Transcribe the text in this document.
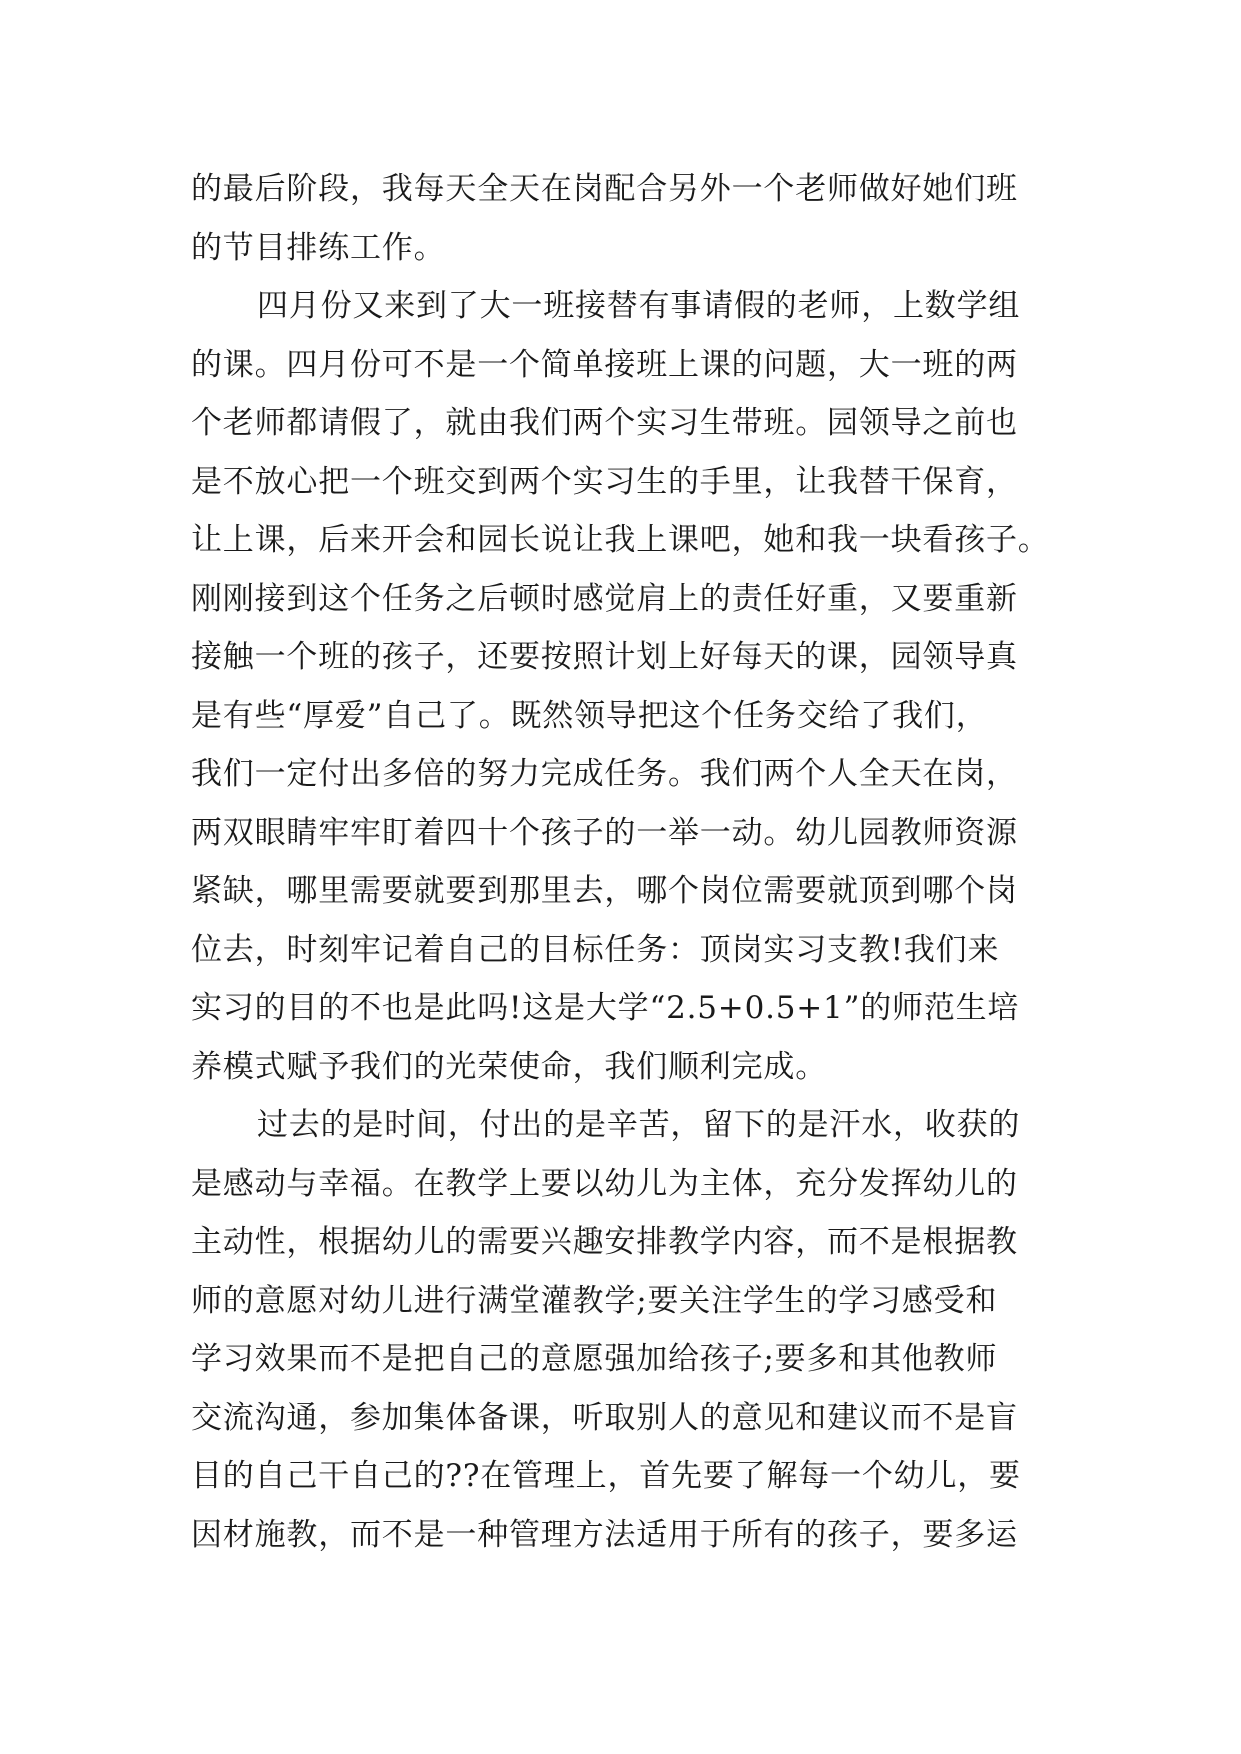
的最后阶段，我每天全天在岗配合另外一个老师做好她们班
的节目排练工作。
四月份又来到了大一班接替有事请假的老师，上数学组
的课。四月份可不是一个简单接班上课的问题，大一班的两
个老师都请假了，就由我们两个实习生带班。园领导之前也
是不放心把一个班交到两个实习生的手里，让我替干保育，
让上课，后来开会和园长说让我上课吧，她和我一块看孩子。
刚刚接到这个任务之后顿时感觉肩上的责任好重，又要重新
接触一个班的孩子，还要按照计划上好每天的课，园领导真
是有些“厚爱”自己了。既然领导把这个任务交给了我们，
我们一定付出多倍的努力完成任务。我们两个人全天在岗，
两双眼睛牢牢盯着四十个孩子的一举一动。幼儿园教师资源
紧缺，哪里需要就要到那里去，哪个岗位需要就顶到哪个岗
位去，时刻牢记着自己的目标任务：顶岗实习支教!我们来
实习的目的不也是此吗!这是大学“2.5+0.5+1”的师范生培
养模式赋予我们的光荣使命，我们顺利完成。
过去的是时间，付出的是辛苦，留下的是汗水，收获的
是感动与幸福。在教学上要以幼儿为主体，充分发挥幼儿的
主动性，根据幼儿的需要兴趣安排教学内容，而不是根据教
师的意愿对幼儿进行满堂灌教学;要关注学生的学习感受和
学习效果而不是把自己的意愿强加给孩子;要多和其他教师
交流沟通，参加集体备课，听取别人的意见和建议而不是盲
目的自己干自己的??在管理上，首先要了解每一个幼儿，要
因材施教，而不是一种管理方法适用于所有的孩子，要多运
